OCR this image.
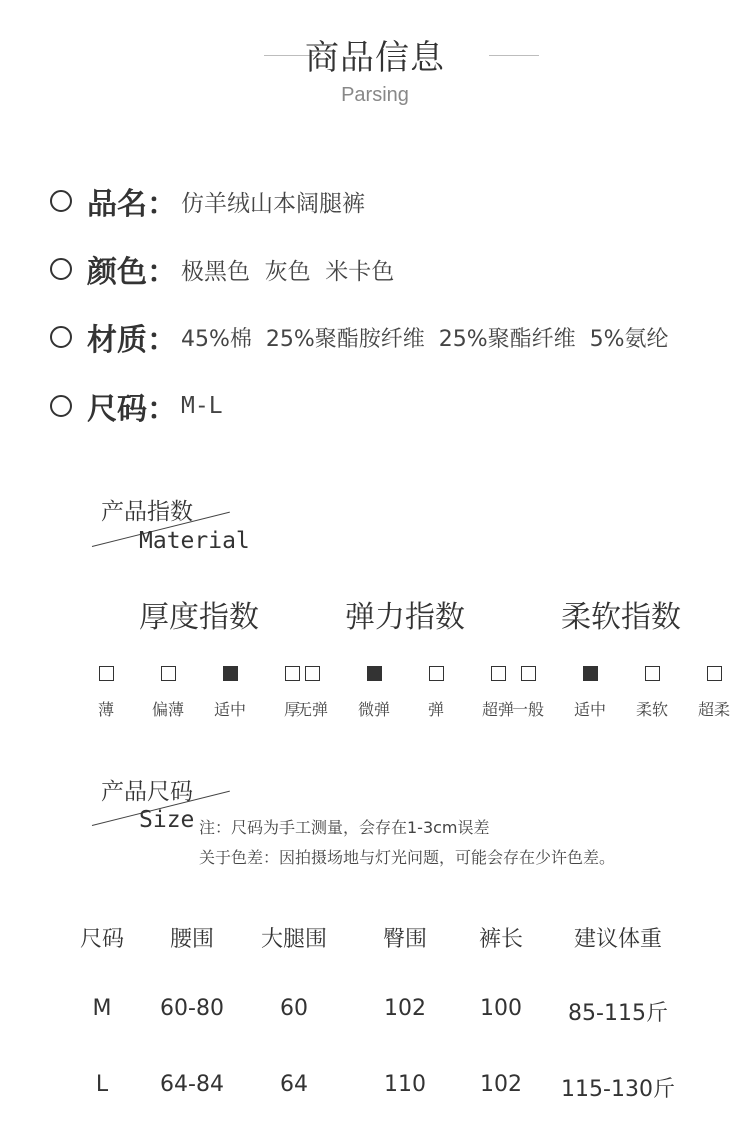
商品信息
Parsing
品名： 仿羊绒山本阔腿裤
颜色： 极黑色  灰色  米卡色
材质： 45%棉  25%聚酯胺纤维  25%聚酯纤维  5%氨纶
尺码： M-L
产品指数
Material
厚度指数
薄 偏薄 适中 厚
弹力指数
无弹 微弹 弹 超弹
柔软指数
一般 适中 柔软 超柔
产品尺码
Size 注：尺码为手工测量，会存在1-3cm误差
关于色差：因拍摄场地与灯光问题，可能会存在少许色差。
尺码	腰围	大腿围	臀围	裤长	建议体重
M	60-80	60	102	100	85-115斤
L	64-84	64	110	102	115-130斤
